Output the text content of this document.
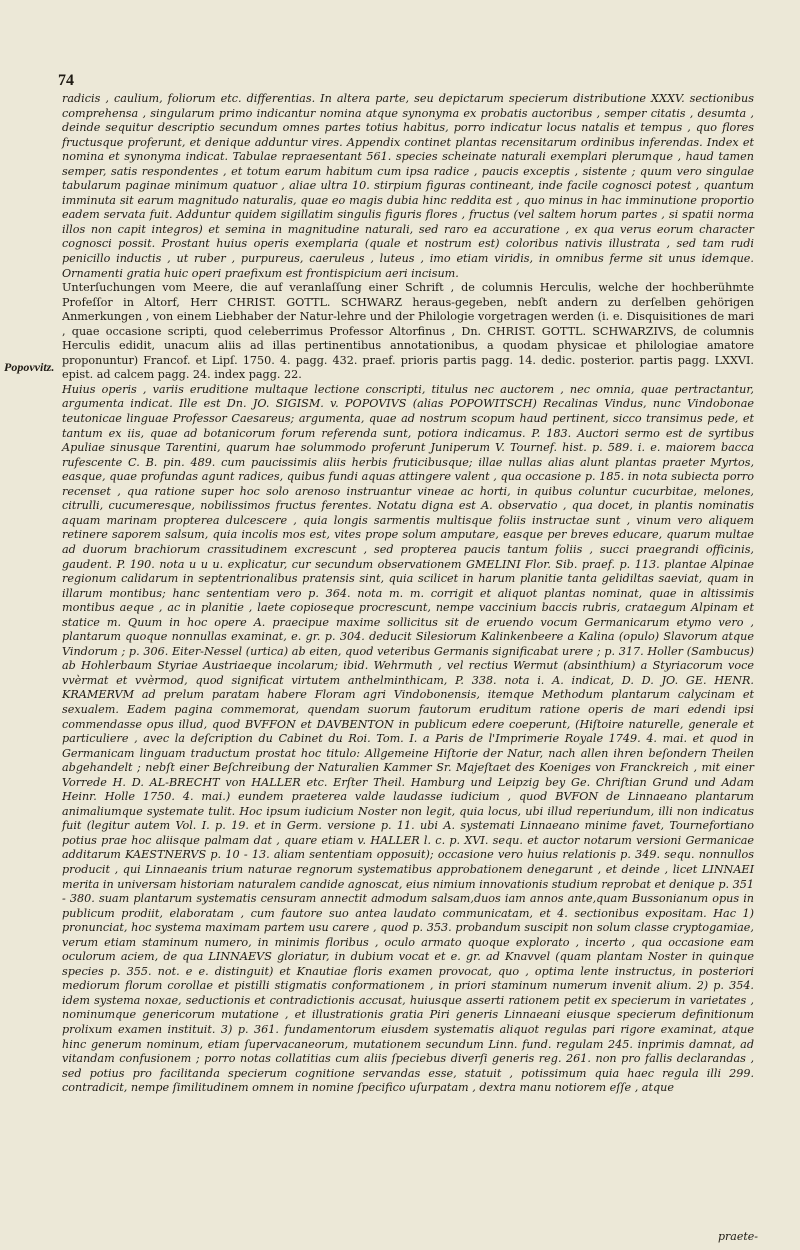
74
Popovvitz.

radicis , caulium, foliorum etc. differentias. In altera parte, seu depictarum specierum distributione XXXV. sectionibus comprehensa , singularum primo indicantur nomina atque synonyma ex probatis auctoribus , semper citatis , desumta , deinde sequitur descriptio secundum omnes partes totius habitus, porro indicatur locus natalis et tempus , quo flores fructusque proferunt, et denique adduntur vires. Appendix continet plantas recensitarum ordinibus inferendas. Index et nomina et synonyma indicat. Tabulae repraesentant 561. species scheinate naturali exemplari plerumque , haud tamen semper, satis respondentes , et totum earum habitum cum ipsa radice , paucis exceptis , sistente ; quum vero singulae tabularum paginae minimum quatuor , aliae ultra 10. stirpium figuras contineant, inde facile cognosci potest , quantum imminuta sit earum magnitudo naturalis, quae eo magis dubia hinc reddita est , quo minus in hac imminutione proportio eadem servata fuit. Adduntur quidem sigillatim singulis figuris flores , fructus (vel saltem horum partes , si spatii norma illos non capit integros) et semina in magnitudine naturali, sed raro ea accuratione , ex qua verus eorum character cognosci possit. Prostant huius operis exemplaria (quale et nostrum est) coloribus nativis illustrata , sed tam rudi penicillo inductis , ut ruber , purpureus, caeruleus , luteus , imo etiam viridis, in omnibus ferme sit unus idemque. Ornamenti gratia huic operi praefixum est frontispicium aeri incisum.

Unterſuchungen vom Meere, die auf veranlaſſung einer Schrift , de columnis Herculis, welche der hochberühmte Profeſſor in Altorf, Herr CHRIST. GOTTL. SCHWARZ heraus-gegeben, nebſt andern zu derſelben gehörigen Anmerkungen , von einem Liebhaber der Natur-lehre und der Philologie vorgetragen werden (i. e. Disquisitiones de mari , quae occasione scripti, quod celeberrimus Professor Altorfinus , Dn. CHRIST. GOTTL. SCHWARZIVS, de columnis Herculis edidit, unacum aliis ad illas pertinentibus annotationibus, a quodam physicae et philologiae amatore proponuntur) Francof. et Lipſ. 1750. 4. pagg. 432. praef. prioris partis pagg. 14. dedic. posterior. partis pagg. LXXVI. epist. ad calcem pagg. 24. index pagg. 22.

Huius operis , variis eruditione multaque lectione conscripti, titulus nec auctorem , nec omnia, quae pertractantur, argumenta indicat. Ille est Dn. JO. SIGISM. v. POPOVIVS (alias POPOWITSCH) Recalinas Vindus, nunc Vindobonae teutonicae linguae Professor Caesareus; argumenta, quae ad nostrum scopum haud pertinent, sicco transimus pede, et tantum ex iis, quae ad botanicorum forum referenda sunt, potiora indicamus. P. 183. Auctori sermo est de syrtibus Apuliae sinusque Tarentini, quarum hae solummodo proferunt Juniperum V. Tournef. hist. p. 589. i. e. maiorem bacca rufescente C. B. pin. 489. cum paucissimis aliis herbis fruticibusque; illae nullas alias alunt plantas praeter Myrtos, easque, quae profundas agunt radices, quibus fundi aquas attingere valent , qua occasione p. 185. in nota subiecta porro recenset , qua ratione super hoc solo arenoso instruantur vineae ac horti, in quibus coluntur cucurbitae, melones, citrulli, cucumeresque, nobilissimos fructus ferentes. Notatu digna est A. observatio , qua docet, in plantis nominatis aquam marinam propterea dulcescere , quia longis sarmentis multisque foliis instructae sunt , vinum vero aliquem retinere saporem salsum, quia incolis mos est, vites prope solum amputare, easque per breves educare, quarum multae ad duorum brachiorum crassitudinem excrescunt , sed propterea paucis tantum foliis , succi praegrandi officinis, gaudent. P. 190. nota u u u. explicatur, cur secundum observationem GMELINI Flor. Sib. praef. p. 113. plantae Alpinae regionum calidarum in septentrionalibus pratensis sint, quia scilicet in harum planitie tanta gelidiltas saeviat, quam in illarum montibus; hanc sententiam vero p. 364. nota m. m. corrigit et aliquot plantas nominat, quae in altissimis montibus aeque , ac in planitie , laete copioseque procrescunt, nempe vaccinium baccis rubris, crataegum Alpinam et statice m. Quum in hoc opere A. praecipue maxime sollicitus sit de eruendo vocum Germanicarum etymo vero , plantarum quoque nonnullas examinat, e. gr. p. 304. deducit Silesiorum Kalinkenbeere a Kalina (opulo) Slavorum atque Vindorum ; p. 306. Eiter-Nessel (urtica) ab eiten, quod veteribus Germanis significabat urere ; p. 317. Holler (Sambucus) ab Hohlerbaum Styriae Austriaeque incolarum; ibid. Wehrmuth , vel rectius Wermut (absinthium) a Styriacorum voce vvèrmat et vvèrmod, quod significat virtutem anthelminthicam, P. 338. nota i. A. indicat, D. D. JO. GE. HENR. KRAMERVM ad prelum paratam habere Floram agri Vindobonensis, itemque Methodum plantarum calycinam et sexualem. Eadem pagina commemorat, quendam suorum fautorum eruditum ratione operis de mari edendi ipsi commendasse opus illud, quod BVFFON et DAVBENTON in publicum edere coeperunt, (Hiſtoire naturelle, generale et particuliere , avec la deſcription du Cabinet du Roi. Tom. I. a Paris de l'Imprimerie Royale 1749. 4. mai. et quod in Germanicam linguam traductum prostat hoc titulo: Allgemeine Hiſtorie der Natur, nach allen ihren beſondern Theilen abgehandelt ; nebſt einer Beſchreibung der Naturalien Kammer Sr. Majeſtaet des Koeniges von Franckreich , mit einer Vorrede H. D. AL-BRECHT von HALLER etc. Erſter Theil. Hamburg und Leipzig bey Ge. Chriſtian Grund und Adam Heinr. Holle 1750. 4. mai.) eundem praeterea valde laudasse iudicium , quod BVFON de Linnaeano plantarum animaliumque systemate tulit. Hoc ipsum iudicium Noster non legit, quia locus, ubi illud reperiundum, illi non indicatus fuit (legitur autem Vol. I. p. 19. et in Germ. versione p. 11. ubi A. systemati Linnaeano minime favet, Tournefortiano potius prae hoc aliisque palmam dat , quare etiam v. HALLER l. c. p. XVI. sequ. et auctor notarum versioni Germanicae additarum KAESTNERVS p. 10 - 13. aliam sententiam opposuit); occasione vero huius relationis p. 349. sequ. nonnullos producit , qui Linnaeanis trium naturae regnorum systematibus approbationem denegarunt , et deinde , licet LINNAEI merita in universam historiam naturalem candide agnoscat, eius nimium innovationis studium reprobat et denique p. 351 - 380. suam plantarum systematis censuram annectit admodum salsam,duos iam annos ante,quam Bussonianum opus in publicum prodiit, elaboratam , cum fautore suo antea laudato communicatam, et 4. sectionibus expositam. Hac 1) pronunciat, hoc systema maximam partem usu carere , quod p. 353. probandum suscipit non solum classe cryptogamiae, verum etiam staminum numero, in minimis floribus , oculo armato quoque explorato , incerto , qua occasione eam oculorum aciem, de qua LINNAEVS gloriatur, in dubium vocat et e. gr. ad Knavvel (quam plantam Noster in quinque species p. 355. not. e e. distinguit) et Knautiae floris examen provocat, quo , optima lente instructus, in posteriori mediorum florum corollae et pistilli stigmatis conformationem , in priori staminum numerum invenit alium. 2) p. 354. idem systema noxae, seductionis et contradictionis accusat, huiusque asserti rationem petit ex specierum in varietates , nominumque genericorum mutatione , et illustrationis gratia Piri generis Linnaeani eiusque specierum definitionum prolixum examen instituit. 3) p. 361. fundamentorum eiusdem systematis aliquot regulas pari rigore examinat, atque hinc generum nominum, etiam ſupervacaneorum, mutationem secundum Linn. fund. regulam 245. inprimis damnat, ad vitandam confusionem ; porro notas collatitias cum aliis ſpeciebus diverſi generis reg. 261. non pro fallis declarandas , sed potius pro facilitanda specierum cognitione servandas esse, statuit , potissimum quia haec regula illi 299. contradicit, nempe ſimilitudinem omnem in nomine ſpecifico uſurpatam , dextra manu notiorem eſſe , atque

praete-
